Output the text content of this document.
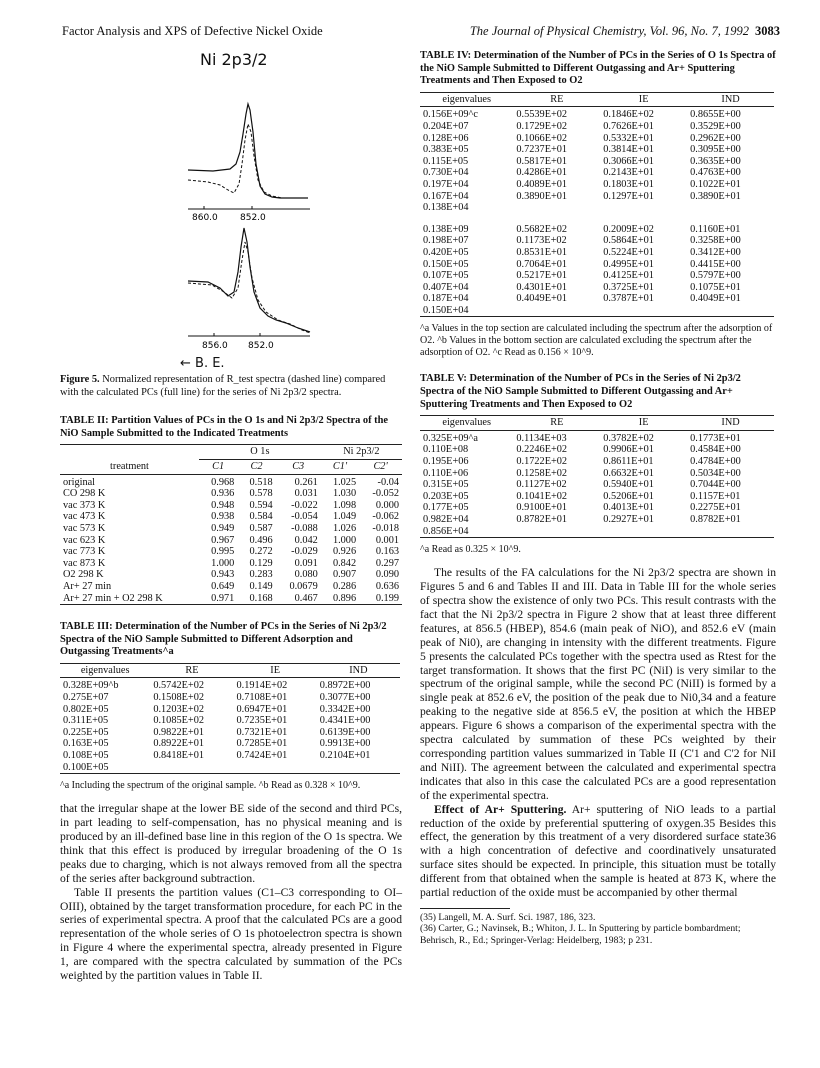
Factor Analysis and XPS of Defective Nickel Oxide	The Journal of Physical Chemistry, Vol. 96, No. 7, 1992 3083
Ni 2p3/2
860.0 852.0
856.0 852.0
← B. E.
Figure 5. Normalized representation of R_test spectra (dashed line) compared with the calculated PCs (full line) for the series of Ni 2p3/2 spectra.
TABLE II: Partition Values of PCs in the O 1s and Ni 2p3/2 Spectra of the NiO Sample Submitted to the Indicated Treatments
	O 1s			Ni 2p3/2	
treatment	C1	C2	C3	C1'	C2'
original	0.968	0.518	0.261	1.025	-0.04
CO 298 K	0.936	0.578	0.031	1.030	-0.052
vac 373 K	0.948	0.594	-0.022	1.098	0.000
vac 473 K	0.938	0.584	-0.054	1.049	-0.062
vac 573 K	0.949	0.587	-0.088	1.026	-0.018
vac 623 K	0.967	0.496	0.042	1.000	0.001
vac 773 K	0.995	0.272	-0.029	0.926	0.163
vac 873 K	1.000	0.129	0.091	0.842	0.297
O2 298 K	0.943	0.283	0.080	0.907	0.090
Ar+ 27 min	0.649	0.149	0.0679	0.286	0.636
Ar+ 27 min + O2 298 K	0.971	0.168	0.467	0.896	0.199
TABLE III: Determination of the Number of PCs in the Series of Ni 2p3/2 Spectra of the NiO Sample Submitted to Different Adsorption and Outgassing Treatments^a
eigenvalues	RE	IE	IND
0.328E+09^b	0.5742E+02	0.1914E+02	0.8972E+00
0.275E+07	0.1508E+02	0.7108E+01	0.3077E+00
0.802E+05	0.1203E+02	0.6947E+01	0.3342E+00
0.311E+05	0.1085E+02	0.7235E+01	0.4341E+00
0.225E+05	0.9822E+01	0.7321E+01	0.6139E+00
0.163E+05	0.8922E+01	0.7285E+01	0.9913E+00
0.108E+05	0.8418E+01	0.7424E+01	0.2104E+01
0.100E+05			
^a Including the spectrum of the original sample. ^b Read as 0.328 × 10^9.
that the irregular shape at the lower BE side of the second and third PCs, in part leading to self-compensation, has no physical meaning and is produced by an ill-defined base line in this region of the O 1s spectra. We think that this effect is produced by irregular broadening of the O 1s peaks due to charging, which is not always removed from all the spectra of the series after background subtraction.
Table II presents the partition values (C1–C3 corresponding to OI–OIII), obtained by the target transformation procedure, for each PC in the series of experimental spectra. A proof that the calculated PCs are a good representation of the whole series of O 1s photoelectron spectra is shown in Figure 4 where the experimental spectra, already presented in Figure 1, are compared with the spectra calculated by summation of the PCs weighted by the partition values in Table II.
TABLE IV: Determination of the Number of PCs in the Series of O 1s Spectra of the NiO Sample Submitted to Different Outgassing and Ar+ Sputtering Treatments and Then Exposed to O2
eigenvalues	RE	IE	IND
0.156E+09^c	0.5539E+02	0.1846E+02	0.8655E+00
0.204E+07	0.1729E+02	0.7626E+01	0.3529E+00
0.128E+06	0.1066E+02	0.5332E+01	0.2962E+00
0.383E+05	0.7237E+01	0.3814E+01	0.3095E+00
0.115E+05	0.5817E+01	0.3066E+01	0.3635E+00
0.730E+04	0.4286E+01	0.2143E+01	0.4763E+00
0.197E+04	0.4089E+01	0.1803E+01	0.1022E+01
0.167E+04	0.3890E+01	0.1297E+01	0.3890E+01
0.138E+04			

0.138E+09	0.5682E+02	0.2009E+02	0.1160E+01
0.198E+07	0.1173E+02	0.5864E+01	0.3258E+00
0.420E+05	0.8531E+01	0.5224E+01	0.3412E+00
0.150E+05	0.7064E+01	0.4995E+01	0.4415E+00
0.107E+05	0.5217E+01	0.4125E+01	0.5797E+00
0.407E+04	0.4301E+01	0.3725E+01	0.1075E+01
0.187E+04	0.4049E+01	0.3787E+01	0.4049E+01
0.150E+04			
^a Values in the top section are calculated including the spectrum after the adsorption of O2. ^b Values in the bottom section are calculated excluding the spectrum after the adsorption of O2. ^c Read as 0.156 × 10^9.
TABLE V: Determination of the Number of PCs in the Series of Ni 2p3/2 Spectra of the NiO Sample Submitted to Different Outgassing and Ar+ Sputtering Treatments and Then Exposed to O2
eigenvalues	RE	IE	IND
0.325E+09^a	0.1134E+03	0.3782E+02	0.1773E+01
0.110E+08	0.2246E+02	0.9906E+01	0.4584E+00
0.195E+06	0.1722E+02	0.8611E+01	0.4784E+00
0.110E+06	0.1258E+02	0.6632E+01	0.5034E+00
0.315E+05	0.1127E+02	0.5940E+01	0.7044E+00
0.203E+05	0.1041E+02	0.5206E+01	0.1157E+01
0.177E+05	0.9100E+01	0.4013E+01	0.2275E+01
0.982E+04	0.8782E+01	0.2927E+01	0.8782E+01
0.856E+04			
^a Read as 0.325 × 10^9.
The results of the FA calculations for the Ni 2p3/2 spectra are shown in Figures 5 and 6 and Tables II and III. Data in Table III for the whole series of spectra show the existence of only two PCs. This result contrasts with the fact that the Ni 2p3/2 spectra in Figure 2 show that at least three different features, at 856.5 (HBEP), 854.6 (main peak of NiO), and 852.6 eV (main peak of Ni0), are changing in intensity with the different treatments. Figure 5 presents the calculated PCs together with the spectra used as Rtest for the target transformation. It shows that the first PC (NiI) is very similar to the spectrum of the original sample, while the second PC (NiII) is formed by a single peak at 852.6 eV, the position of the peak due to Ni0,34 and a feature peaking to the negative side at 856.5 eV, the position at which the HBEP appears. Figure 6 shows a comparison of the experimental spectra with the spectra calculated by summation of these PCs weighted by their corresponding partition values summarized in Table II (C'1 and C'2 for NiI and NiII). The agreement between the calculated and experimental spectra indicates that also in this case the calculated PCs are a good representation of the experimental spectra.
Effect of Ar+ Sputtering. Ar+ sputtering of NiO leads to a partial reduction of the oxide by preferential sputtering of oxygen.35 Besides this effect, the generation by this treatment of a very disordered surface state36 with a high concentration of defective and coordinatively unsaturated surface sites should be expected. In principle, this situation must be totally different from that obtained when the sample is heated at 873 K, where the partial reduction of the oxide must be accompanied by other thermal
(35) Langell, M. A. Surf. Sci. 1987, 186, 323.
(36) Carter, G.; Navinsek, B.; Whiton, J. L. In Sputtering by particle bombardment; Behrisch, R., Ed.; Springer-Verlag: Heidelberg, 1983; p 231.
